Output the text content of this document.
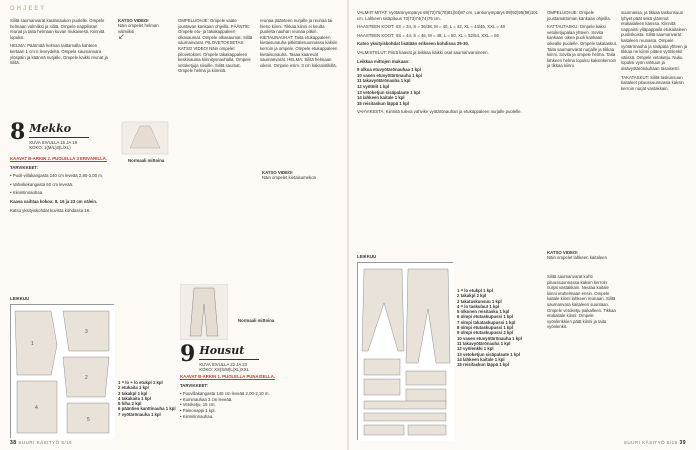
OHJEET

Silitä saumanvarat kaulanaukon puolelle. Ompele helmaan valmiiksi ja silitä. Ompele nappilistan reunat ja taita helmaan kuvan mukaisesti. Kiinnitä lopuksi.

HELMA: Päärmää helman taittamalla kahteen kertaan 1 cm:n leveydeltä. Ompele saumanvara ylöspäin ja käännä nurjalle. Ompele kaikki reunat ja silitä.

KATSO VIDEO!
Näin ompelet helman valmiiksi
↙
8 Mekko
KUVA SIVULLA 16 JA 19
KOKO: 1(M/L)3(L/XL)
Normaali mittoina

KAAVAT B-ARKIN 2. PUOLELLA 3 ERIVÄRILLÄ.

TARVIKKEET:

• Puoli-villakangasta 140 cm leveää 2,80-3,00 m.

• Vahvikekangasta 60 cm leveää.

• Kiinnitinnauhaa.

Kaava vaihtaa kokoa: 8, 16 ja 23 cm välein.

Katso yksityiskohdat kuvista kohdassa 18.

LEIKKUU
1
3
2
4
5
1 = lo + lo etukpl 1 kpl
2 etukaita 1 kpl
3 takakpl 1 kpl
4 takakaita 1 kpl
5 hiha 2 kpl
6 pääntien kanttinauha 1 kpl
7 vyötärönauha 1 kpl

OMPELUOHJE: Ompele vaate joustavan kankaan ohjeilla. PÄÄNTIE: Ompele etu- ja takakappaleen olkasaumat. Ompele olkasaumat. Silitä saumanvarat. PILOVETOKSETAS: KATSO VIDEO! Näin ompelet pilovetokset. Ompele takakappaleen keskisauma kiinnitysnauhalla. Ompele vetoketjuja sivuille. Silitä saumat. Ompele helma ja kiinnitä.

reunaa päänteen nurjalle ja reunaa tai hieno kiinni. Tikkaa kiinni ei keulta puolelta nauhan reunaa pitkin. KIETAUNAUHAT: Taita etukappaleen kietaisunauha pitkittäissuunnassa kaksin kerroin ja ompele. Ompele etukappaleen kietaisunauha. Tasaa kaarevat saumanvarat. HELMA: Silitä helmaan oikein. Ompele esim. 3 cm kaksoistikillä.

KATSO VIDEO!
Näin ompelet kietaisumekon
Normaali mittoina
9 Housut
KUVA SIVULLA 22 JA 23
KOKO: XS(S/M)L(XL)XXL

KAAVAT B-ARKIN 1. PUOLELLA PUNAISELLA.

TARVIKKEET:

• Puuvillakangasta 145 cm leveää 2,00-2,10 m.
• Kuminauhaa 3 cm leveää.
• Vetoketju, 15 cm.
• Painonappi 1 kpl.
• Kiinnitinnauhaa.
38 SUURI KÄSITYÖ 5/16

VALMIIT MITAT: Vyötärönympärys 69(72)75(78)81(84)87 cm. Lantionympärys 89(92)95(98)101 cm. Lahkeen sisäpituus 73(73)74(74)75 cm.

HAASTEEN KOOT: XS = 34, S = 36/38, M = 40, L = 42, XL = 44/46, XXL = 48

HAASTEEN KOOT: XS = 44, S = 46, M = 48, L = 50, XL = 52/54, XXL = 56

Katso yksityiskohdat lisätään erikseen kohdissa 29-30.

VALMISTELUT: Piirrä kaavat ja leikkaa kaikki osat saumanvaroineen.

Leikkaa mittojen mukaan:

9 olkoa etuvyötärönauhaa 1 kpl
10 vasen etuvyötärönauha 1 kpl
11 takavyötärönauha 1 kpl
12 vyötölit 1 kpl
13 vetoketjun sisäpalaute 1 kpl
14 lahkeen kaitale 1 kpl
15 reisitaskun läppä 1 kpl

VAHVIKESTA: Kiinnitä tuleva vahvike vyötärönauhan ja etukappaleen nurjalle puolelle.

LEIKKUU
1 = lo etukpl 1 kpl
2 takakpl 2 kpl
3 takataskunsuu 1 kpl
4 = lo taskulaut 1 kpl
5 olkonen reisitasku 1 kpl
6 olmpi etutaskupussi 1 kpl
7 olmpi takataskupussi 1 kpl
8 olmpi etutaskupussi 1 kpl
9 olmpi etutaskupussi 2 kpl
10 vasen etuvyötärönauha 1 kpl
11 takavyötärönauha 1 kpl
12 vyölenkki 1 kpl
13 vetoketjun sisäpalaute 1 kpl
14 lahkeen kaitale 1 kpl
15 reisitaskun läppä 1 kpl

OMPELUOHJE: Ompele joustamattoman kankaan ohjeilla.

KATTAUTASKU: Ompele kaksi vetoketjupalaa yhteen. Sovita kankaan oikea puoli kankaan oikealle puolelle. Ompele takataskut. Taita saumanvarat nurjalle ja tikkaa kiinni. Sovita ja ompele helma. Taita lahkeen helma lopuksi kaksinkerroin ja tikkaa kiinni.

KATSO VIDEO!
Näin ompelet lahkeen kaitaleen

Silitä saumanvarat kohti pituussuunnassa kaksin kerroin nurjat vastakkain. Neulaa kaitale kiinni etuhelmaan ensin. Ompele kaitale kiinni lahkeen reunaan. Silitä saumanvara kaitaleen suuntaan. Ompele vetoketju paikalleen. Tikkaa etukaitale kiinni. Ompele vyönlenkkien päät kiinni ja taita vyönlenkit.

suunnassa, ja tikkaa taskunsuun lyhyet päät sekä ylärenut etukaitaleen kanssa. Kiinnitä nappainti ylläpappaila etukaitaleen puoliskoista. Silitä saumanvarat kaitaleen reunasta. Ompele vyötärönauha ja sisäpala yhteen ja tikkaa ne kiinni pitäen vyönlenkit välissä. Ompele vetoketju. Nuku lopuksi vyön rahtuun ja sisävyötärönauhaan tasaisesti.

TAKATASKUT: Silitä taskunsuun kaitaleet pituussuunnassa kaksin kerroin nurjat vastakkain.

SUURI KÄSITYÖ 5/16 39
